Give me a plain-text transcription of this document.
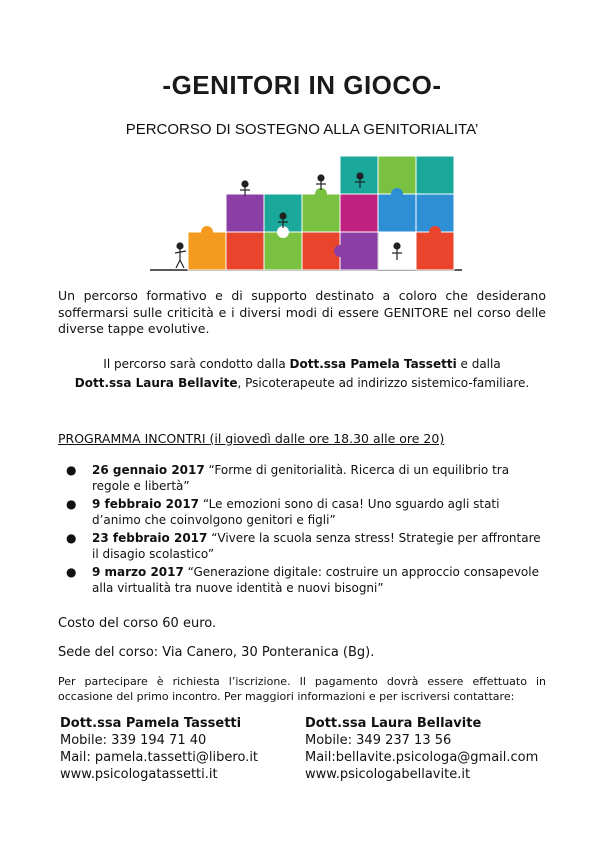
-GENITORI IN GIOCO-
PERCORSO DI SOSTEGNO ALLA GENITORIALITA’
Un percorso formativo e di supporto destinato a coloro che desiderano soffermarsi sulle criticità e i diversi modi di essere GENITORE nel corso delle diverse tappe evolutive.
Il percorso sarà condotto dalla Dott.ssa Pamela Tassetti e dalla
Dott.ssa Laura Bellavite, Psicoterapeute ad indirizzo sistemico-familiare.
PROGRAMMA INCONTRI (il giovedì dalle ore 18.30 alle ore 20)
● 26 gennaio 2017 “Forme di genitorialità. Ricerca di un equilibrio tra regole e libertà”
● 9 febbraio 2017 “Le emozioni sono di casa! Uno sguardo agli stati d’animo che coinvolgono genitori e figli”
● 23 febbraio 2017 “Vivere la scuola senza stress! Strategie per affrontare il disagio scolastico”
● 9 marzo 2017 “Generazione digitale: costruire un approccio consapevole alla virtualità tra nuove identità e nuovi bisogni”
Costo del corso 60 euro.
Sede del corso: Via Canero, 30 Ponteranica (Bg).
Per partecipare è richiesta l’iscrizione. Il pagamento dovrà essere effettuato in occasione del primo incontro. Per maggiori informazioni e per iscriversi contattare:
Dott.ssa Pamela Tassetti
Mobile: 339 194 71 40
Mail: pamela.tassetti@libero.it
www.psicologatassetti.it
Dott.ssa Laura Bellavite
Mobile: 349 237 13 56
Mail:bellavite.psicologa@gmail.com
www.psicologabellavite.it
